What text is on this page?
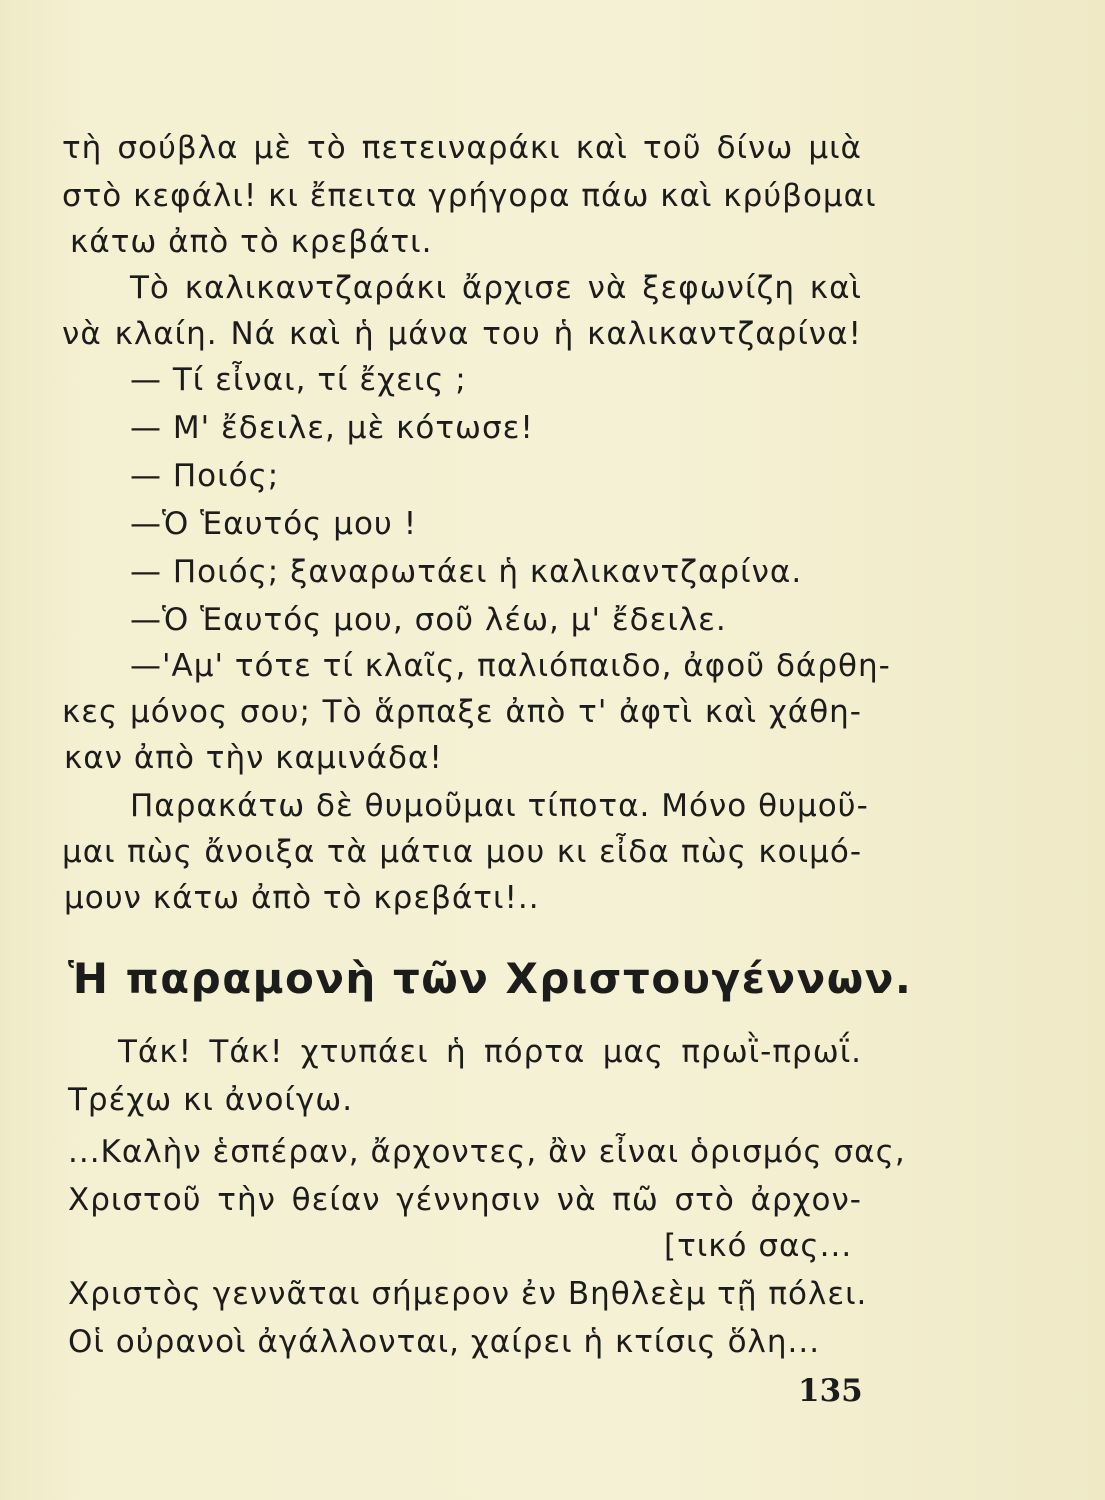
τὴ σούβλα μὲ τὸ πετειναράκι καὶ τοῦ δίνω μιὰ
στὸ κεφάλι! κι ἔπειτα γρήγορα πάω καὶ κρύβομαι
κάτω ἀπὸ τὸ κρεβάτι.
Τὸ καλικαντζαράκι ἄρχισε νὰ ξεφωνίζη καὶ
νὰ κλαίη. Νά καὶ ἡ μάνα του ἡ καλικαντζαρίνα!
— Τί εἶναι, τί ἔχεις ;
— Μ' ἔδειλε, μὲ κότωσε!
— Ποιός;
—Ὁ Ἑαυτός μου !
— Ποιός; ξαναρωτάει ἡ καλικαντζαρίνα.
—Ὁ Ἑαυτός μου, σοῦ λέω, μ' ἔδειλε.
—'Αμ' τότε τί κλαῖς, παλιόπαιδο, ἀφοῦ δάρθη-
κες μόνος σου; Τὸ ἅρπαξε ἀπὸ τ' ἀφτὶ καὶ χάθη-
καν ἀπὸ τὴν καμινάδα!
Παρακάτω δὲ θυμοῦμαι τίποτα. Μόνο θυμοῦ-
μαι πὼς ἄνοιξα τὰ μάτια μου κι εἶδα πὼς κοιμό-
μουν κάτω ἀπὸ τὸ κρεβάτι!..
Ἡ παραμονὴ τῶν Χριστουγέννων.
Τάκ! Τάκ! χτυπάει ἡ πόρτα μας πρωῒ-πρωΐ.
Τρέχω κι ἀνοίγω.
...Καλὴν ἑσπέραν, ἄρχοντες, ἂν εἶναι ὁρισμός σας,
Χριστοῦ τὴν θείαν γέννησιν νὰ πῶ στὸ ἀρχον-
[τικό σας...
Χριστὸς γεννᾶται σήμερον ἐν Βηθλεὲμ τῇ πόλει.
Οἱ οὐρανοὶ ἀγάλλονται, χαίρει ἡ κτίσις ὅλη...
135
